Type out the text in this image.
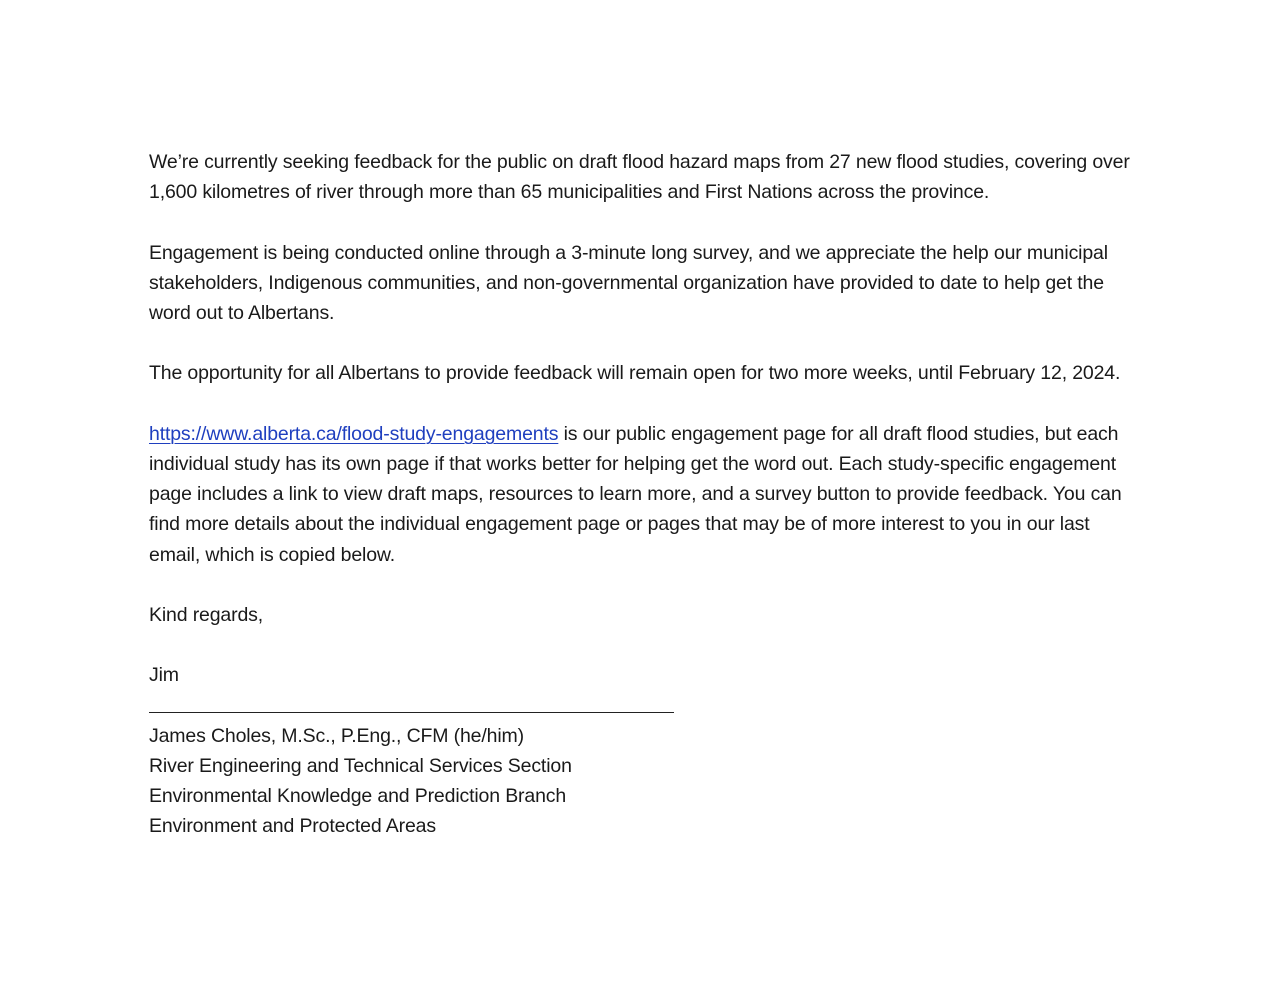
We’re currently seeking feedback for the public on draft flood hazard maps from 27 new flood studies, covering over 1,600 kilometres of river through more than 65 municipalities and First Nations across the province.

Engagement is being conducted online through a 3-minute long survey, and we appreciate the help our municipal stakeholders, Indigenous communities, and non-governmental organization have provided to date to help get the word out to Albertans.

The opportunity for all Albertans to provide feedback will remain open for two more weeks, until February 12, 2024.

https://www.alberta.ca/flood-study-engagements is our public engagement page for all draft flood studies, but each individual study has its own page if that works better for helping get the word out. Each study-specific engagement page includes a link to view draft maps, resources to learn more, and a survey button to provide feedback. You can find more details about the individual engagement page or pages that may be of more interest to you in our last email, which is copied below.

Kind regards,

Jim

James Choles, M.Sc., P.Eng., CFM (he/him)

River Engineering and Technical Services Section

Environmental Knowledge and Prediction Branch

Environment and Protected Areas
